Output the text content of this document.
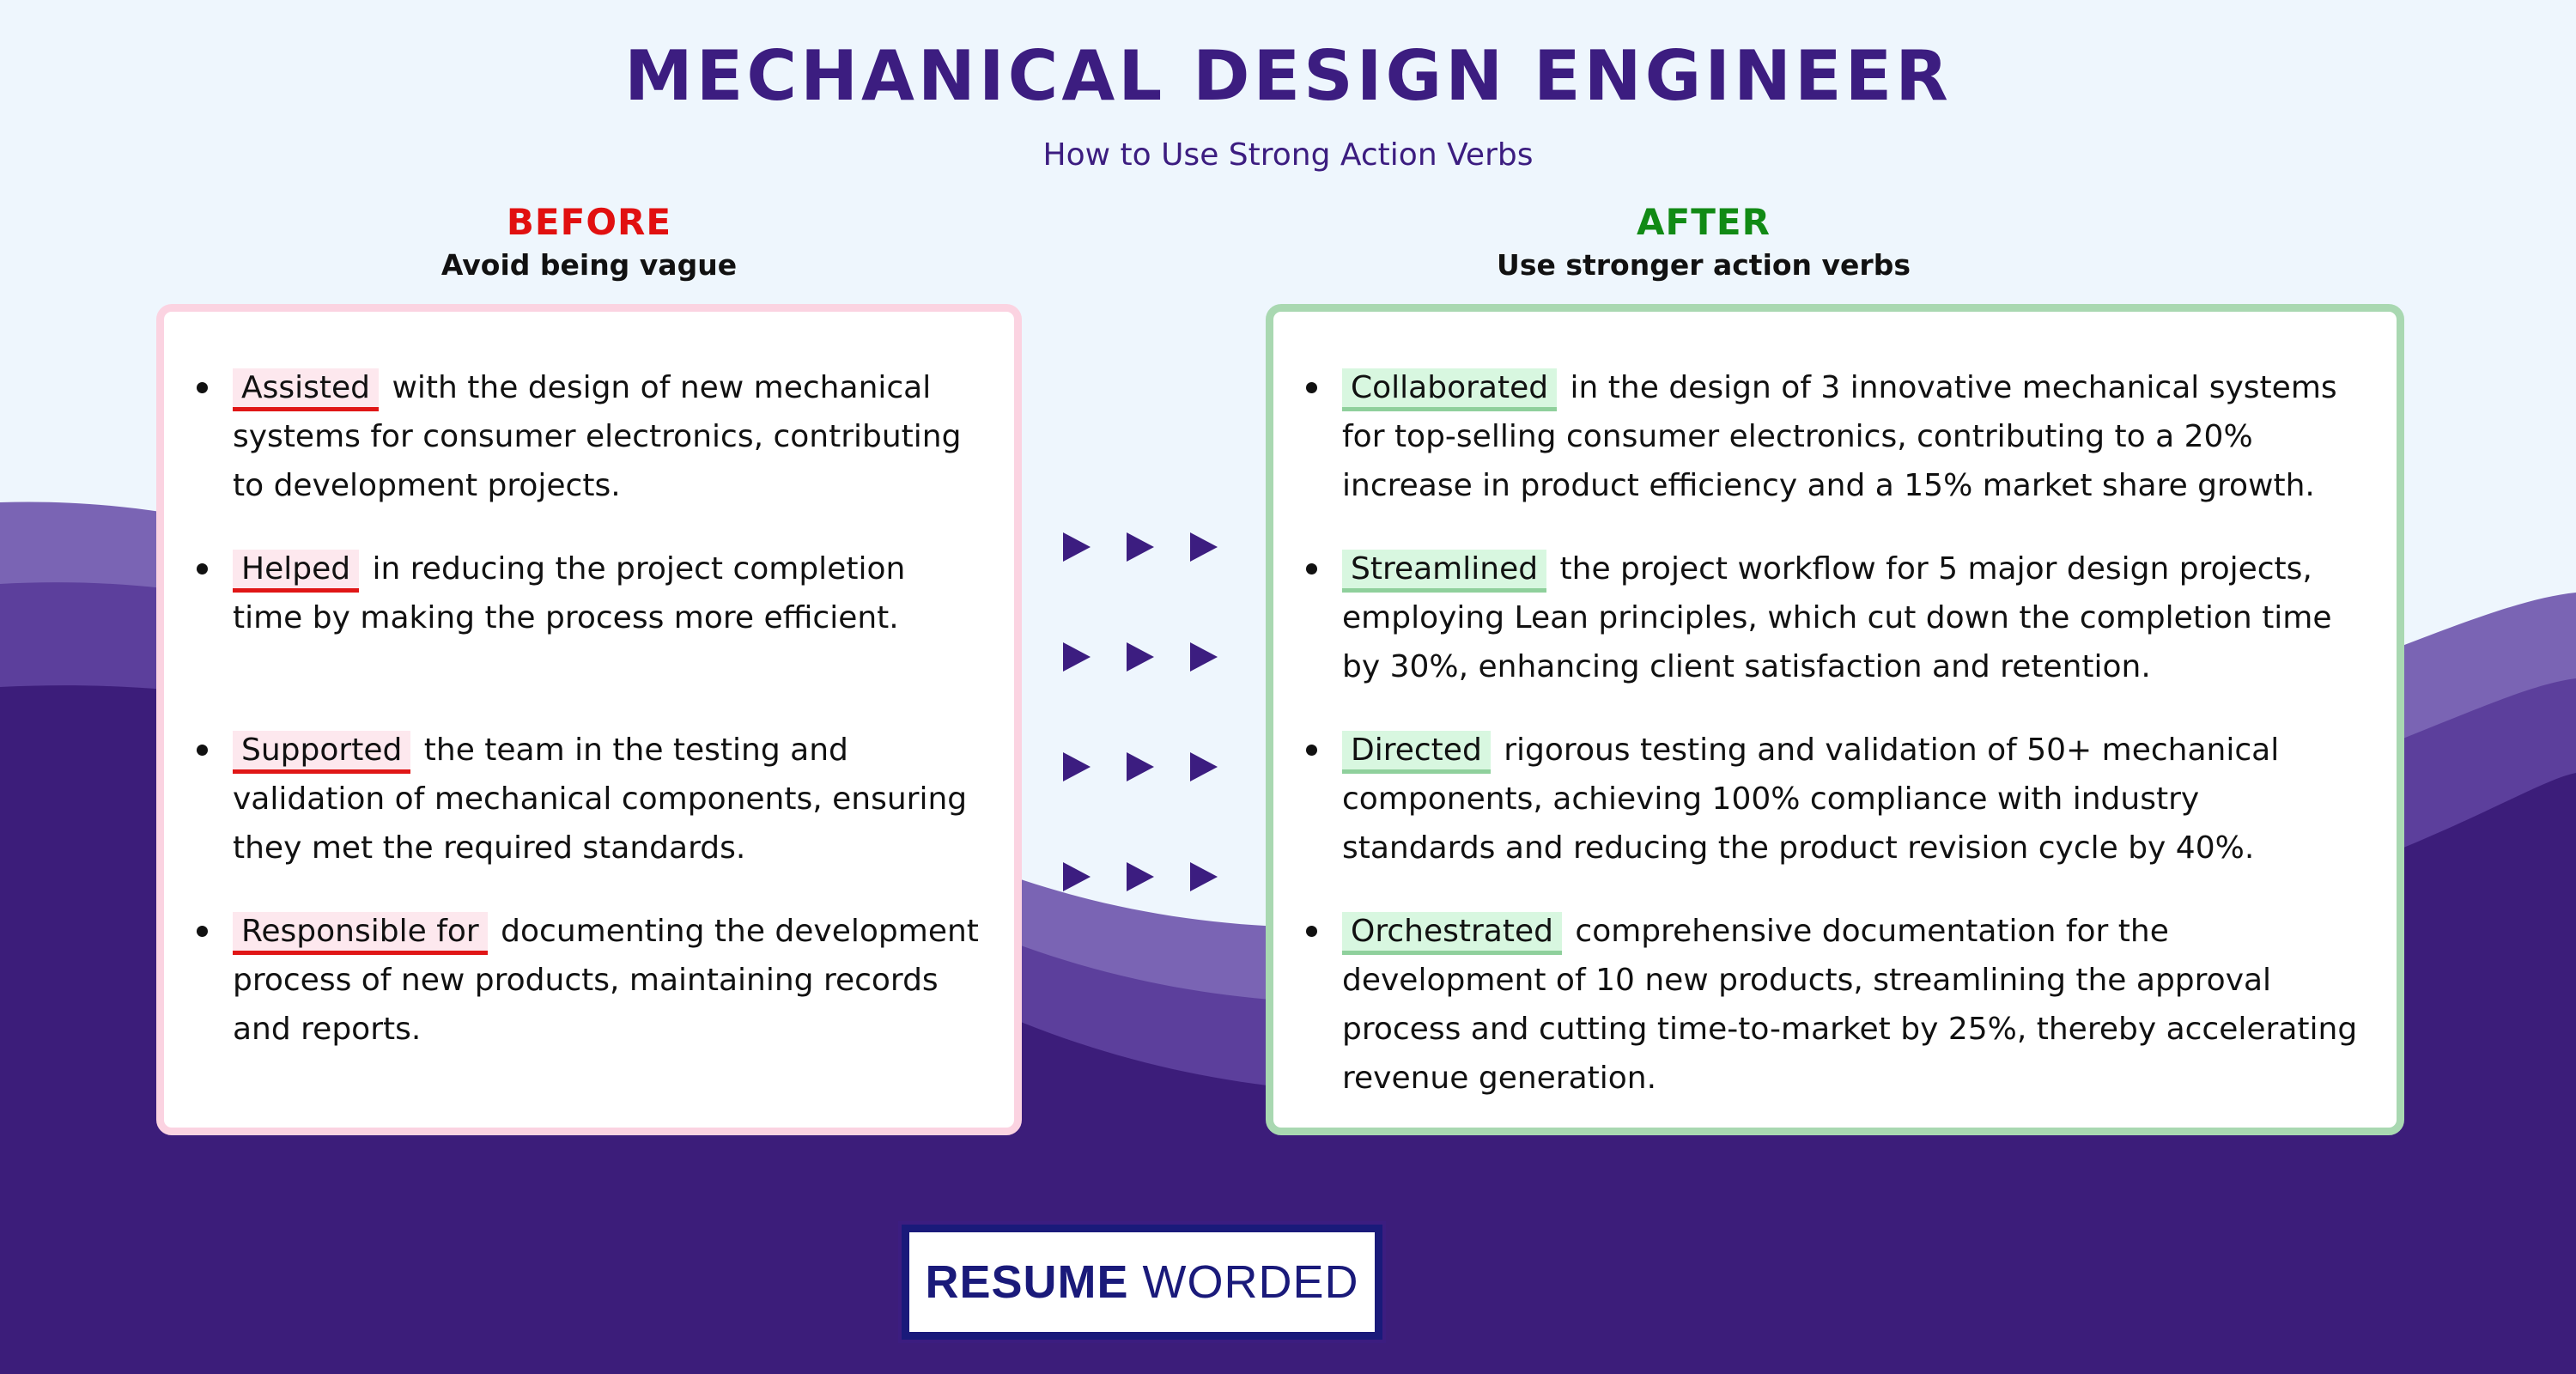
MECHANICAL DESIGN ENGINEER
How to Use Strong Action Verbs
BEFORE
Avoid being vague
AFTER
Use stronger action verbs
Assisted with the design of new mechanical systems for consumer electronics, contributing to development projects.
Helped in reducing the project completion time by making the process more efficient.
Supported the team in the testing and validation of mechanical components, ensuring they met the required standards.
Responsible for documenting the development process of new products, maintaining records and reports.
Collaborated in the design of 3 innovative mechanical systems for top-selling consumer electronics, contributing to a 20% increase in product efficiency and a 15% market share growth.
Streamlined the project workflow for 5 major design projects, employing Lean principles, which cut down the completion time by 30%, enhancing client satisfaction and retention.
Directed rigorous testing and validation of 50+ mechanical components, achieving 100% compliance with industry standards and reducing the product revision cycle by 40%.
Orchestrated comprehensive documentation for the development of 10 new products, streamlining the approval process and cutting time-to-market by 25%, thereby accelerating revenue generation.
RESUME WORDED
